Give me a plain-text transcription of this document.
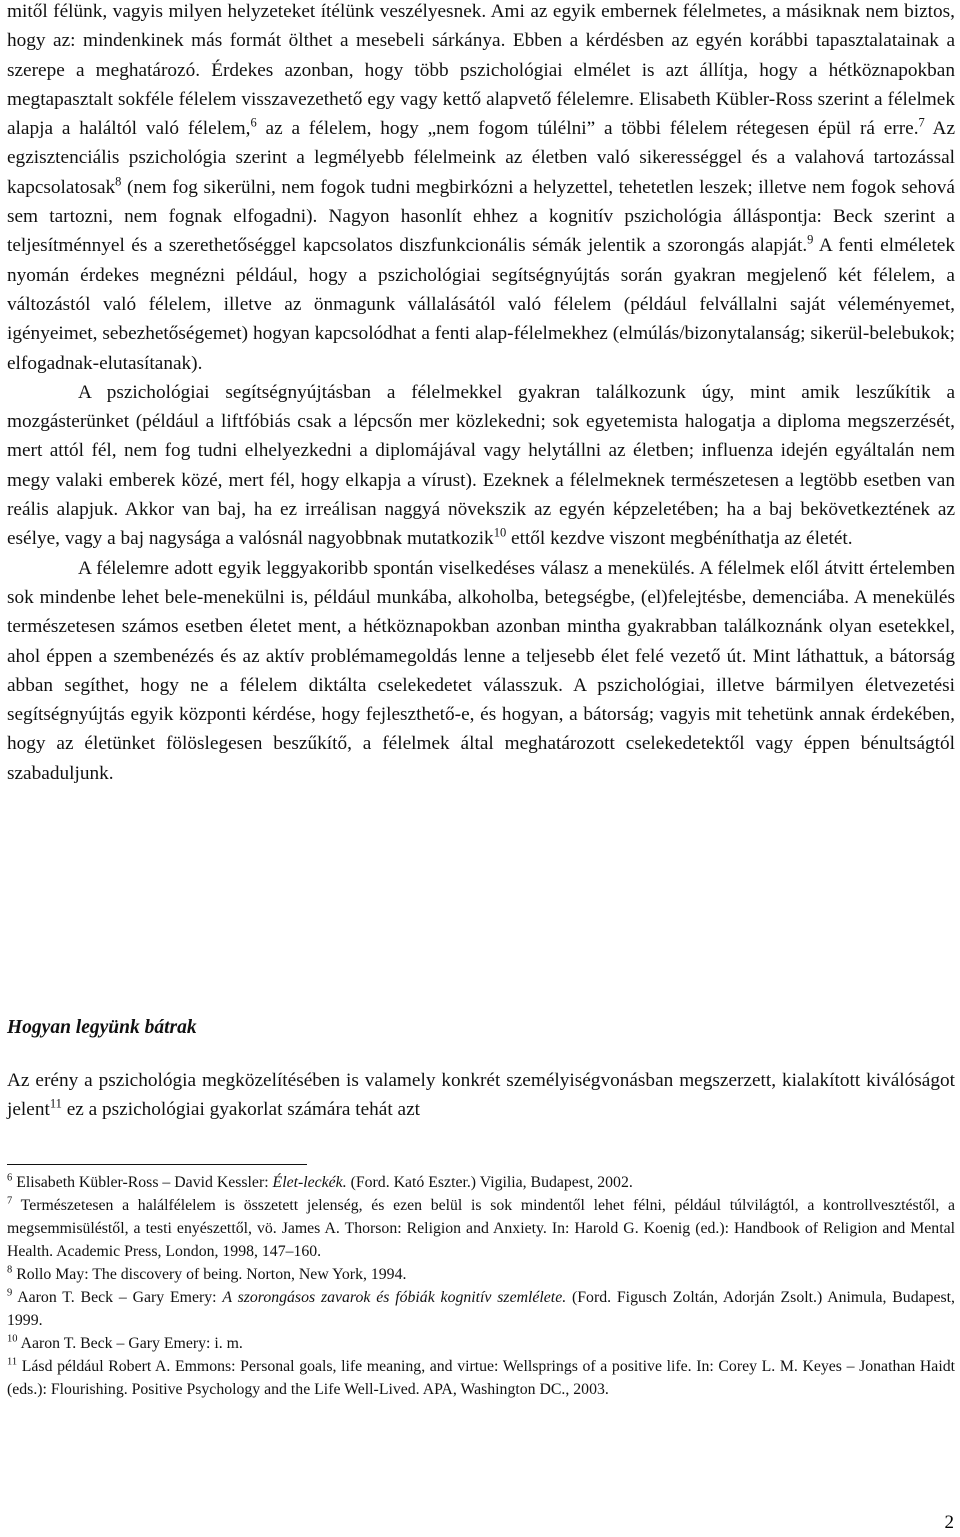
mitől félünk, vagyis milyen helyzeteket ítélünk veszélyesnek. Ami az egyik embernek félelmetes, a másiknak nem biztos, hogy az: mindenkinek más formát ölthet a mesebeli sárkánya. Ebben a kérdésben az egyén korábbi tapasztalatainak a szerepe a meghatározó. Érdekes azonban, hogy több pszichológiai elmélet is azt állítja, hogy a hétköznapokban megtapasztalt sokféle félelem visszavezethető egy vagy kettő alapvető félelemre. Elisabeth Kübler-Ross szerint a félelmek alapja a haláltól való félelem,$^6$ az a félelem, hogy „nem fogom túlélni” a többi félelem rétegesen épül rá erre.$^7$ Az egzisztenciális pszichológia szerint a legmélyebb félelmeink az életben való sikerességgel és a valahová tartozással kapcsolatosak$^8$ (nem fog sikerülni, nem fogok tudni megbirkózni a helyzettel, tehetetlen leszek; illetve nem fogok sehová sem tartozni, nem fognak elfogadni). Nagyon hasonlít ehhez a kognitív pszichológia álláspontja: Beck szerint a teljesítménnyel és a szerethetőséggel kapcsolatos diszfunkcionális sémák jelentik a szorongás alapját.$^9$ A fenti elméletek nyomán érdekes megnézni például, hogy a pszichológiai segítségnyújtás során gyakran megjelenő két félelem, a változástól való félelem, illetve az önmagunk vállalásától való félelem (például felvállalni saját véleményemet, igényeimet, sebezhetőségemet) hogyan kapcsolódhat a fenti alap-félelmekhez (elmúlás/bizonytalanság; sikerül-belebukok; elfogadnak-elutasítanak).

A pszichológiai segítségnyújtásban a félelmekkel gyakran találkozunk úgy, mint amik leszűkítik a mozgásterünket (például a liftfóbiás csak a lépcsőn mer közlekedni; sok egyetemista halogatja a diploma megszerzését, mert attól fél, nem fog tudni elhelyezkedni a diplomájával vagy helytállni az életben; influenza idején egyáltalán nem megy valaki emberek közé, mert fél, hogy elkapja a vírust). Ezeknek a félelmeknek természetesen a legtöbb esetben van reális alapjuk. Akkor van baj, ha ez irreálisan naggyá növekszik az egyén képzeletében; ha a baj bekövetkeztének az esélye, vagy a baj nagysága a valósnál nagyobbnak mutatkozik$^{10}$ ettől kezdve viszont megbéníthatja az életét.

A félelemre adott egyik leggyakoribb spontán viselkedéses válasz a menekülés. A félelmek elől átvitt értelemben sok mindenbe lehet bele-menekülni is, például munkába, alkoholba, betegségbe, (el)felejtésbe, demenciába. A menekülés természetesen számos esetben életet ment, a hétköznapokban azonban mintha gyakrabban találkoznánk olyan esetekkel, ahol éppen a szembenézés és az aktív problémamegoldás lenne a teljesebb élet felé vezető út. Mint láthattuk, a bátorság abban segíthet, hogy ne a félelem diktálta cselekedetet válasszuk. A pszichológiai, illetve bármilyen életvezetési segítségnyújtás egyik központi kérdése, hogy fejleszthető-e, és hogyan, a bátorság; vagyis mit tehetünk annak érdekében, hogy az életünket fölöslegesen beszűkítő, a félelmek által meghatározott cselekedetektől vagy éppen bénultságtól szabaduljunk.

Hogyan legyünk bátrak

Az erény a pszichológia megközelítésében is valamely konkrét személyiségvonásban megszerzett, kialakított kiválóságot jelent$^{11}$ ez a pszichológiai gyakorlat számára tehát azt

$^6$ Elisabeth Kübler-Ross – David Kessler: Élet-leckék. (Ford. Kató Eszter.) Vigilia, Budapest, 2002.

$^7$ Természetesen a halálfélelem is összetett jelenség, és ezen belül is sok mindentől lehet félni, például túlvilágtól, a kontrollvesztéstől, a megsemmisüléstől, a testi enyészettől, vö. James A. Thorson: Religion and Anxiety. In: Harold G. Koenig (ed.): Handbook of Religion and Mental Health. Academic Press, London, 1998, 147–160.

$^8$ Rollo May: The discovery of being. Norton, New York, 1994.

$^9$ Aaron T. Beck – Gary Emery: A szorongásos zavarok és fóbiák kognitív szemlélete. (Ford. Figusch Zoltán, Adorján Zsolt.) Animula, Budapest, 1999.

$^{10}$ Aaron T. Beck – Gary Emery: i. m.

$^{11}$ Lásd például Robert A. Emmons: Personal goals, life meaning, and virtue: Wellsprings of a positive life. In: Corey L. M. Keyes – Jonathan Haidt (eds.): Flourishing. Positive Psychology and the Life Well-Lived. APA, Washington DC., 2003.

2
